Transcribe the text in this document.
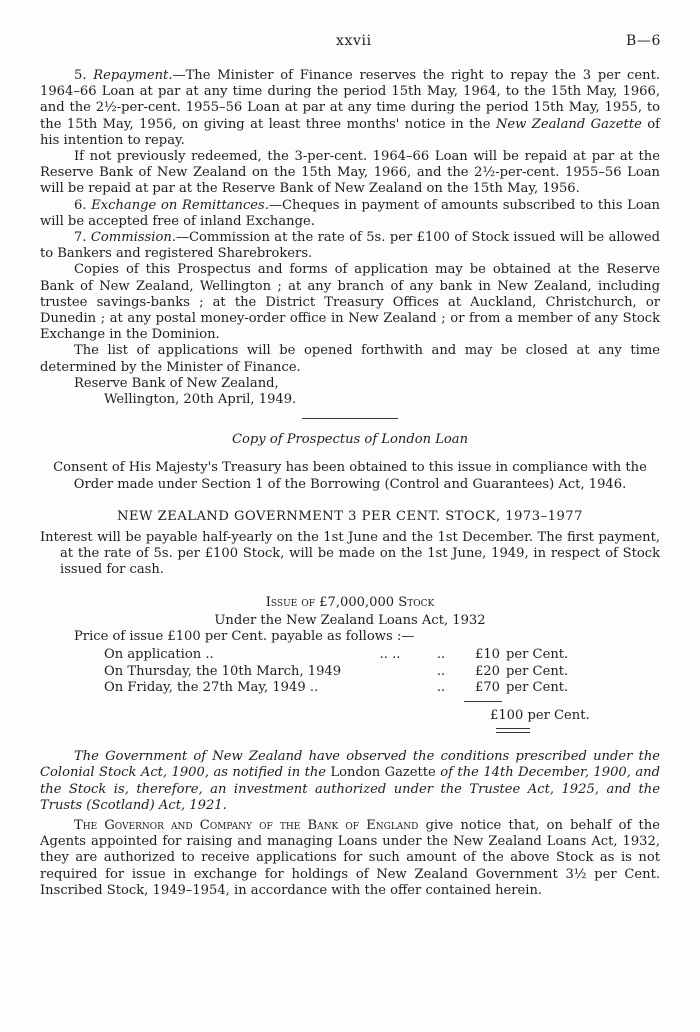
xxvii	B—6

5. Repayment.—The Minister of Finance reserves the right to repay the 3 per cent. 1964–66 Loan at par at any time during the period 15th May, 1964, to the 15th May, 1966, and the 2½-per-cent. 1955–56 Loan at par at any time during the period 15th May, 1955, to the 15th May, 1956, on giving at least three months' notice in the New Zealand Gazette of his intention to repay.

If not previously redeemed, the 3-per-cent. 1964–66 Loan will be repaid at par at the Reserve Bank of New Zealand on the 15th May, 1966, and the 2½-per-cent. 1955–56 Loan will be repaid at par at the Reserve Bank of New Zealand on the 15th May, 1956.

6. Exchange on Remittances.—Cheques in payment of amounts subscribed to this Loan will be accepted free of inland Exchange.

7. Commission.—Commission at the rate of 5s. per £100 of Stock issued will be allowed to Bankers and registered Sharebrokers.

Copies of this Prospectus and forms of application may be obtained at the Reserve Bank of New Zealand, Wellington ; at any branch of any bank in New Zealand, including trustee savings-banks ; at the District Treasury Offices at Auckland, Christchurch, or Dunedin ; at any postal money-order office in New Zealand ; or from a member of any Stock Exchange in the Dominion.

The list of applications will be opened forthwith and may be closed at any time determined by the Minister of Finance.

Reserve Bank of New Zealand,

Wellington, 20th April, 1949.

Copy of Prospectus of London Loan

Consent of His Majesty's Treasury has been obtained to this issue in compliance with the Order made under Section 1 of the Borrowing (Control and Guarantees) Act, 1946.

NEW ZEALAND GOVERNMENT 3 PER CENT. STOCK, 1973–1977

Interest will be payable half-yearly on the 1st June and the 1st December. The first payment, at the rate of 5s. per £100 Stock, will be made on the 1st June, 1949, in respect of Stock issued for cash.

Issue of £7,000,000 Stock

Under the New Zealand Loans Act, 1932

Price of issue £100 per Cent. payable as follows :—

On application ..	.. ..	..	£10 per Cent.
On Thursday, the 10th March, 1949	..	£20 per Cent.
On Friday, the 27th May, 1949 ..	..	£70 per Cent.
£100 per Cent.

The Government of New Zealand have observed the conditions prescribed under the Colonial Stock Act, 1900, as notified in the London Gazette of the 14th December, 1900, and the Stock is, therefore, an investment authorized under the Trustee Act, 1925, and the Trusts (Scotland) Act, 1921.

The Governor and Company of the Bank of England give notice that, on behalf of the Agents appointed for raising and managing Loans under the New Zealand Loans Act, 1932, they are authorized to receive applications for such amount of the above Stock as is not required for issue in exchange for holdings of New Zealand Government 3½ per Cent. Inscribed Stock, 1949–1954, in accordance with the offer contained herein.
